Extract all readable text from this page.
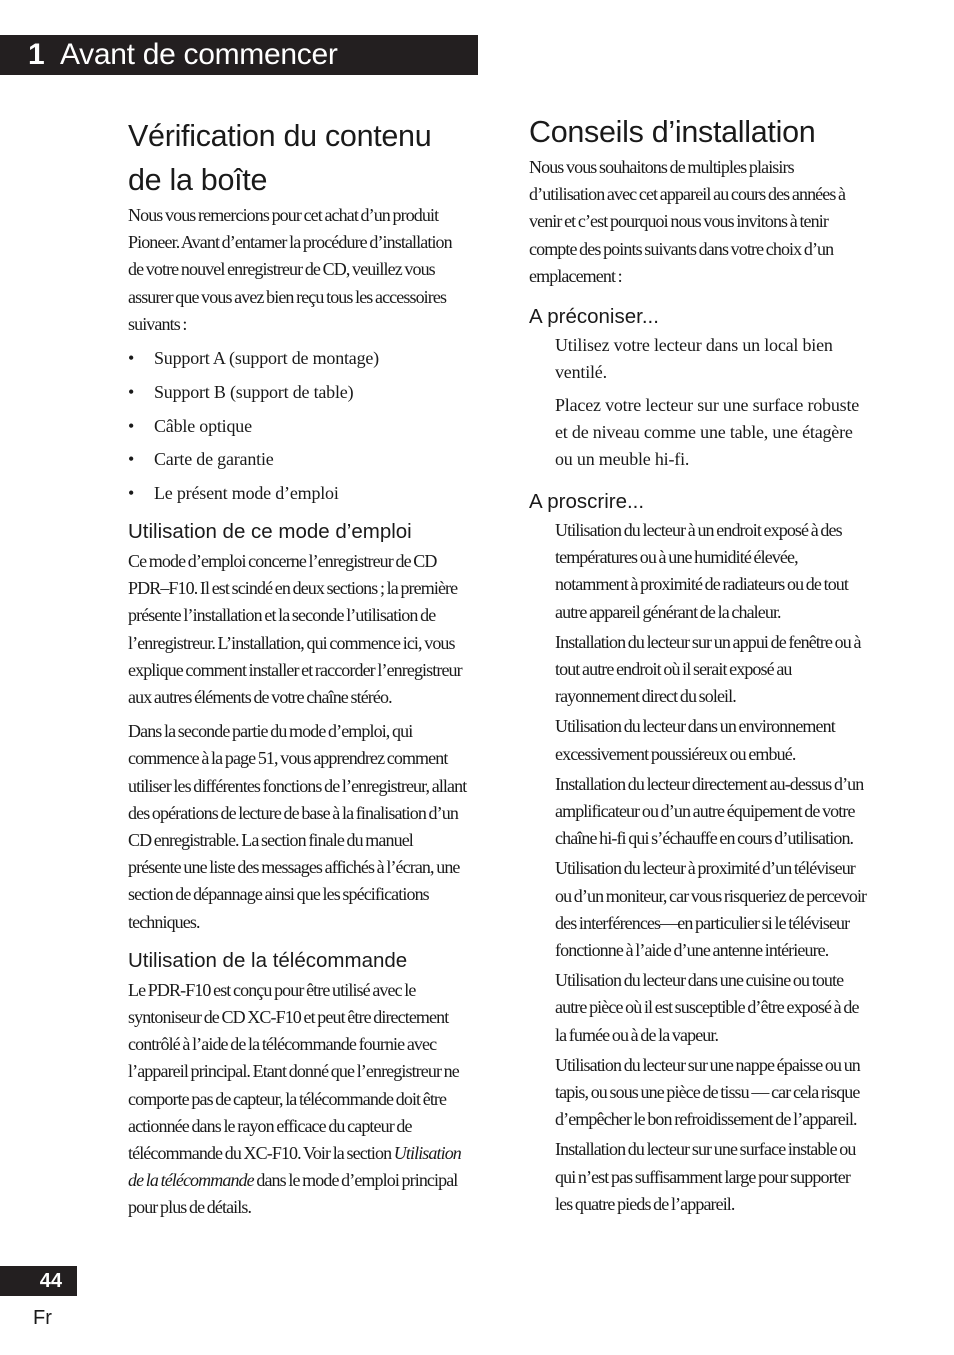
1 Avant de commencer
Vérification du contenu
de la boîte

Nous vous remercions pour cet achat d’un produit Pioneer. Avant d’entamer la procédure d’installation de votre nouvel enregistreur de CD, veuillez vous assurer que vous avez bien reçu tous les accessoires suivants :

• Support A (support de montage)
• Support B (support de table)
• Câble optique
• Carte de garantie
• Le présent mode d’emploi
Utilisation de ce mode d’emploi

Ce mode d’emploi concerne l’enregistreur de CD PDR–F10. Il est scindé en deux sections ; la première présente l’installation et la seconde l’utilisation de l’enregistreur. L’installation, qui commence ici, vous explique comment installer et raccorder l’enregistreur aux autres éléments de votre chaîne stéréo.

Dans la seconde partie du mode d’emploi, qui commence à la page 51, vous apprendrez comment utiliser les différentes fonctions de l’enregistreur, allant des opérations de lecture de base à la finalisation d’un CD enregistrable. La section finale du manuel présente une liste des messages affichés à l’écran, une section de dépannage ainsi que les spécifications techniques.

Utilisation de la télécommande

Le PDR-F10 est conçu pour être utilisé avec le syntoniseur de CD XC-F10 et peut être directement contrôlé à l’aide de la télécommande fournie avec l’appareil principal. Etant donné que l’enregistreur ne comporte pas de capteur, la télécommande doit être actionnée dans le rayon efficace du capteur de télécommande du XC-F10. Voir la section Utilisation de la télécommande dans le mode d’emploi principal pour plus de détails.

Conseils d’installation

Nous vous souhaitons de multiples plaisirs d’utilisation avec cet appareil au cours des années à venir et c’est pourquoi nous vous invitons à tenir compte des points suivants dans votre choix d’un emplacement :

A préconiser...

Utilisez votre lecteur dans un local bien ventilé.

Placez votre lecteur sur une surface robuste et de niveau comme une table, une étagère ou un meuble hi-fi.

A proscrire...

Utilisation du lecteur à un endroit exposé à des températures ou à une humidité élevée, notamment à proximité de radiateurs ou de tout autre appareil générant de la chaleur.

Installation du lecteur sur un appui de fenêtre ou à tout autre endroit où il serait exposé au rayonnement direct du soleil.

Utilisation du lecteur dans un environnement excessivement poussiéreux ou embué.

Installation du lecteur directement au-dessus d’un amplificateur ou d’un autre équipement de votre chaîne hi-fi qui s’échauffe en cours d’utilisation.

Utilisation du lecteur à proximité d’un téléviseur ou d’un moniteur, car vous risqueriez de percevoir des interférences—en particulier si le téléviseur fonctionne à l’aide d’une antenne intérieure.

Utilisation du lecteur dans une cuisine ou toute autre pièce où il est susceptible d’être exposé à de la fumée ou à de la vapeur.

Utilisation du lecteur sur une nappe épaisse ou un tapis, ou sous une pièce de tissu — car cela risque d’empêcher le bon refroidissement de l’appareil.

Installation du lecteur sur une surface instable ou qui n’est pas suffisamment large pour supporter les quatre pieds de l’appareil.

44
Fr
